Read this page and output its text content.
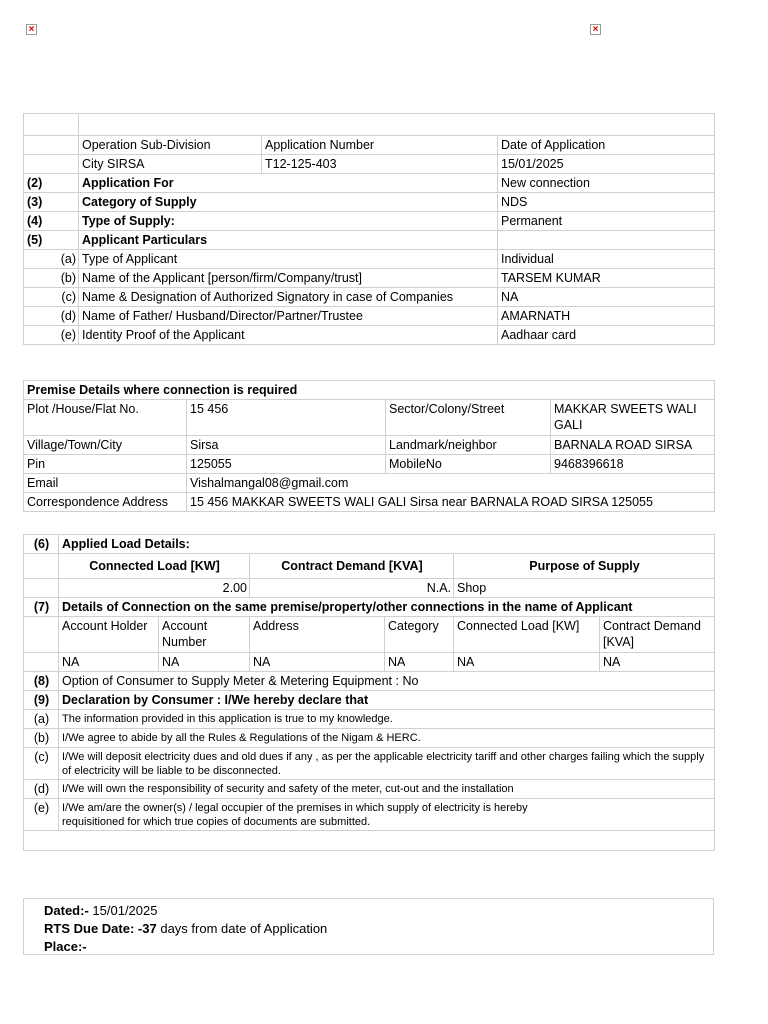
×	×

	Operation Sub-Division	Application Number	Date of Application
	City SIRSA	T12-125-403	15/01/2025
(2)	Application For		New connection
(3)	Category of Supply		NDS
(4)	Type of Supply:		Permanent
(5)	Applicant Particulars		
(a)	Type of Applicant		Individual
(b)	Name of the Applicant [person/firm/Company/trust]		TARSEM KUMAR
(c)	Name & Designation of Authorized Signatory in case of Companies		NA
(d)	Name of Father/ Husband/Director/Partner/Trustee		AMARNATH
(e)	Identity Proof of the Applicant		Aadhaar card
Premise Details where connection is required			
Plot /House/Flat No.	15 456	Sector/Colony/Street	MAKKAR SWEETS WALI GALI
Village/Town/City	Sirsa	Landmark/neighbor	BARNALA ROAD SIRSA
Pin	125055	MobileNo	9468396618
Email	Vishalmangal08@gmail.com		
Correspondence Address	15 456 MAKKAR SWEETS WALI GALI Sirsa near BARNALA ROAD SIRSA 125055		
(6)	Applied Load Details:					
	Connected Load [KW]		Contract Demand [KVA]		Purpose of Supply	
	2.00		N.A.		Shop	
(7)	Details of Connection on the same premise/property/other connections in the name of Applicant					
	Account Holder	Account Number	Address	Category	Connected Load [KW]	Contract Demand [KVA]
	NA	NA	NA	NA	NA	NA
(8)	Option of Consumer to Supply Meter & Metering Equipment : No					
(9)	Declaration by Consumer : I/We hereby declare that					
(a)	The information provided in this application is true to my knowledge.					
(b)	I/We agree to abide by all the Rules & Regulations of the Nigam & HERC.					
(c)	I/We will deposit electricity dues and old dues if any , as per the applicable electricity tariff and other charges failing which the supply of electricity will be liable to be disconnected.					
(d)	I/We will own the responsibility of security and safety of the meter, cut-out and the installation					
(e)	I/We am/are the owner(s) / legal occupier of the premises in which supply of electricity is hereby requisitioned for which true copies of documents are submitted.					

Dated:- 15/01/2025
RTS Due Date: -37 days from date of Application
Place:-
